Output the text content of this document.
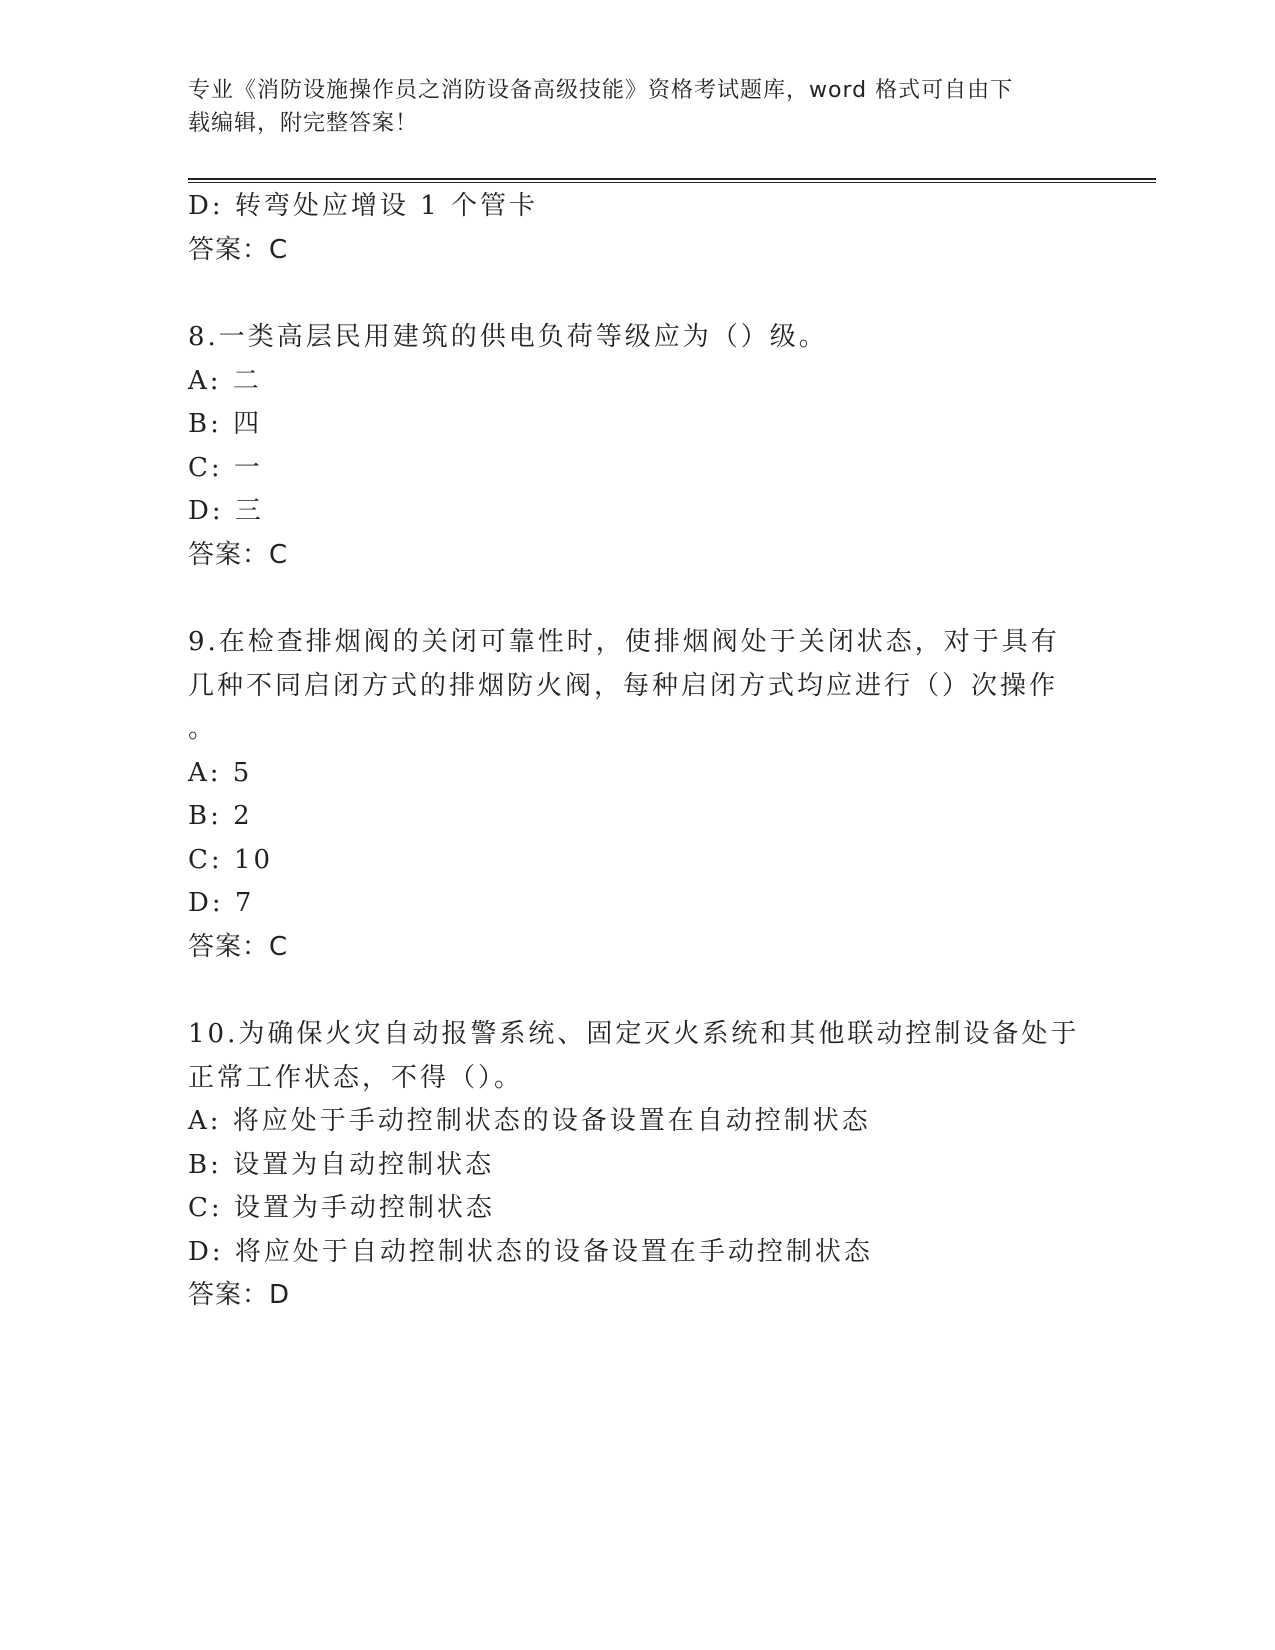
专业《消防设施操作员之消防设备高级技能》资格考试题库，word 格式可自由下
载编辑，附完整答案！
D: 转弯处应增设 1 个管卡
答案：C
8.一类高层民用建筑的供电负荷等级应为（）级。
A: 二
B: 四
C: 一
D: 三
答案：C
9.在检查排烟阀的关闭可靠性时，使排烟阀处于关闭状态，对于具有
几种不同启闭方式的排烟防火阀，每种启闭方式均应进行（）次操作
。
A: 5
B: 2
C: 10
D: 7
答案：C
10.为确保火灾自动报警系统、固定灭火系统和其他联动控制设备处于
正常工作状态，不得（）。
A: 将应处于手动控制状态的设备设置在自动控制状态
B: 设置为自动控制状态
C: 设置为手动控制状态
D: 将应处于自动控制状态的设备设置在手动控制状态
答案：D
